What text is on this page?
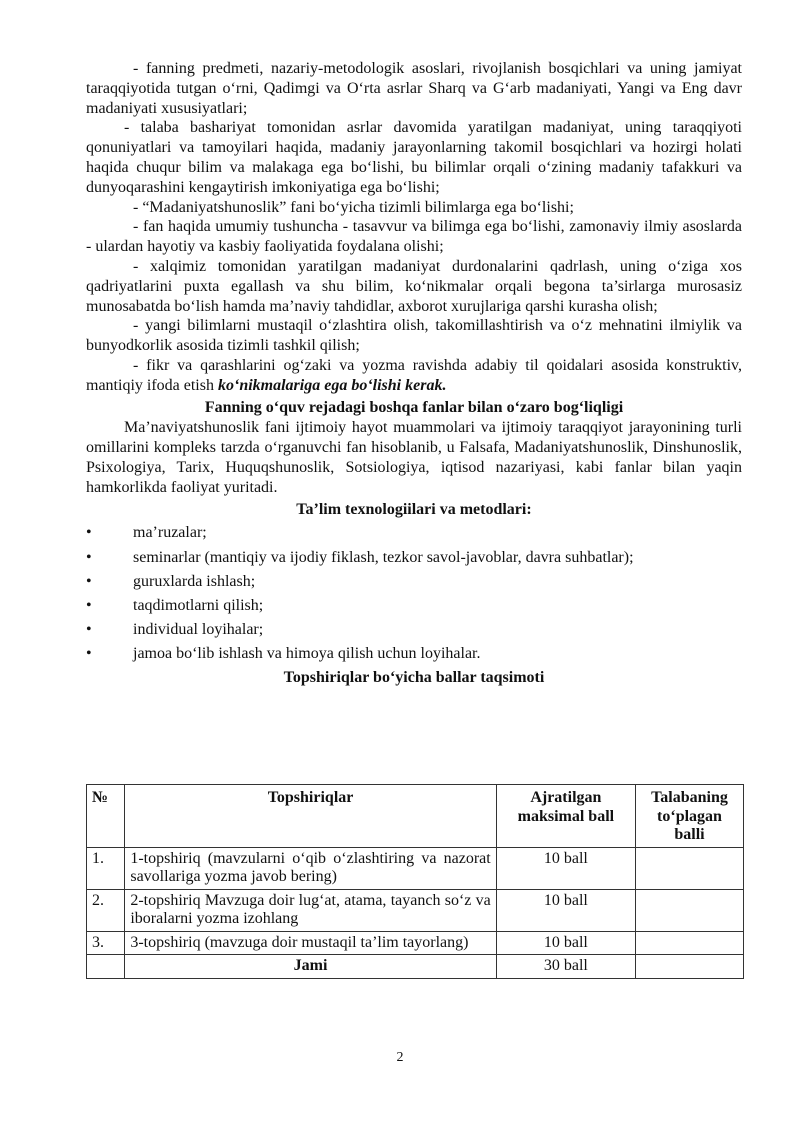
- fanning predmeti, nazariy-metodologik asoslari, rivojlanish bosqichlari va uning jamiyat taraqqiyotida tutgan o‘rni, Qadimgi va O‘rta asrlar Sharq va G‘arb madaniyati, Yangi va Eng davr madaniyati xususiyatlari;

- talaba bashariyat tomonidan asrlar davomida yaratilgan madaniyat, uning taraqqiyoti qonuniyatlari va tamoyilari haqida, madaniy jarayonlarning takomil bosqichlari va hozirgi holati haqida chuqur bilim va malakaga ega bo‘lishi, bu bilimlar orqali o‘zining madaniy tafakkuri va dunyoqarashini kengaytirish imkoniyatiga ega bo‘lishi;

- “Madaniyatshunoslik” fani bo‘yicha tizimli bilimlarga ega bo‘lishi;

- fan haqida umumiy tushuncha - tasavvur va bilimga ega bo‘lishi, zamonaviy ilmiy asoslarda - ulardan hayotiy va kasbiy faoliyatida foydalana olishi;

- xalqimiz tomonidan yaratilgan madaniyat durdonalarini qadrlash, uning o‘ziga xos qadriyatlarini puxta egallash va shu bilim, ko‘nikmalar orqali begona ta’sirlarga murosasiz munosabatda bo‘lish hamda ma’naviy tahdidlar, axborot xurujlariga qarshi kurasha olish;

- yangi bilimlarni mustaqil o‘zlashtira olish, takomillashtirish va o‘z mehnatini ilmiylik va bunyodkorlik asosida tizimli tashkil qilish;

- fikr va qarashlarini og‘zaki va yozma ravishda adabiy til qoidalari asosida konstruktiv, mantiqiy ifoda etish ko‘nikmalariga ega bo‘lishi kerak.

Fanning o‘quv rejadagi boshqa fanlar bilan o‘zaro bog‘liqligi

Ma’naviyatshunoslik fani ijtimoiy hayot muammolari va ijtimoiy taraqqiyot jarayonining turli omillarini kompleks tarzda o‘rganuvchi fan hisoblanib, u Falsafa, Madaniyatshunoslik, Dinshunoslik, Psixologiya, Tarix, Huquqshunoslik, Sotsiologiya, iqtisod nazariyasi, kabi fanlar bilan yaqin hamkorlikda faoliyat yuritadi.

Ta’lim texnologiilari va metodlari:
•	ma’ruzalar;
•	seminarlar (mantiqiy va ijodiy fiklash, tezkor savol-javoblar, davra suhbatlar);
•	guruxlarda ishlash;
•	taqdimotlarni qilish;
•	individual loyihalar;
•	jamoa bo‘lib ishlash va himoya qilish uchun loyihalar.
Topshiriqlar bo‘yicha ballar taqsimoti
№	Topshiriqlar	Ajratilgan maksimal ball	Talabaning to‘plagan balli
1.	1-topshiriq (mavzularni o‘qib o‘zlashtiring va nazorat savollariga yozma javob bering)	10 ball	
2.	2-topshiriq Mavzuga doir lug‘at, atama, tayanch so‘z va iboralarni yozma izohlang	10 ball	
3.	3-topshiriq (mavzuga doir mustaqil ta’lim tayorlang)	10 ball	
	Jami	30 ball	
2
